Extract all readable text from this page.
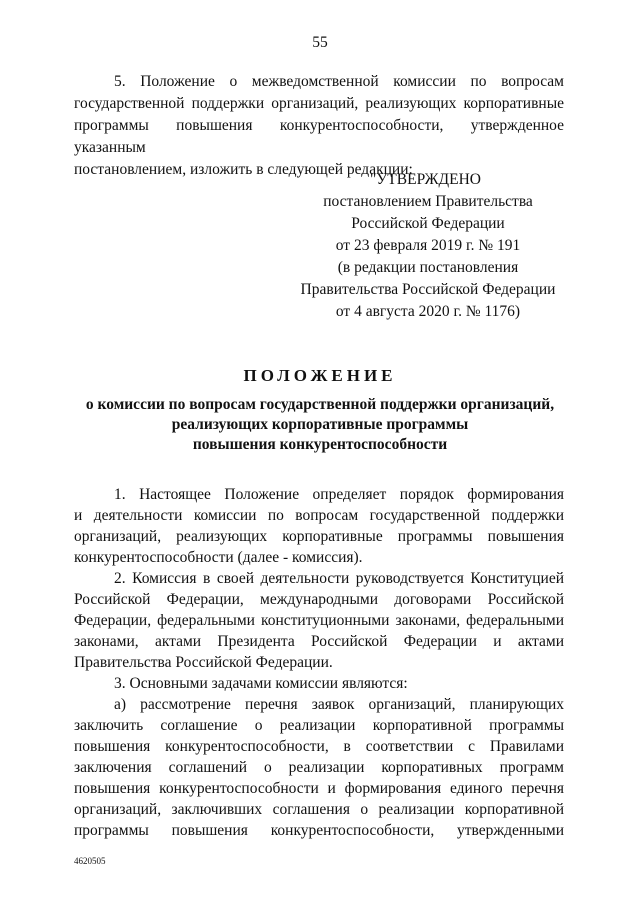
55
5. Положение о межведомственной комиссии по вопросам
государственной поддержки организаций, реализующих корпоративные
программы повышения конкурентоспособности, утвержденное указанным
постановлением, изложить в следующей редакции:
"УТВЕРЖДЕНО
постановлением Правительства
Российской Федерации
от 23 февраля 2019 г. № 191
(в редакции постановления
Правительства Российской Федерации
от 4 августа 2020 г. № 1176)
ПОЛОЖЕНИЕ
о комиссии по вопросам государственной поддержки организаций,
реализующих корпоративные программы
повышения конкурентоспособности
1. Настоящее Положение определяет порядок формирования
и деятельности комиссии по вопросам государственной поддержки
организаций, реализующих корпоративные программы повышения
конкурентоспособности (далее - комиссия).
2. Комиссия в своей деятельности руководствуется Конституцией
Российской Федерации, международными договорами Российской
Федерации, федеральными конституционными законами, федеральными
законами, актами Президента Российской Федерации и актами
Правительства Российской Федерации.
3. Основными задачами комиссии являются:
а) рассмотрение перечня заявок организаций, планирующих
заключить соглашение о реализации корпоративной программы
повышения конкурентоспособности, в соответствии с Правилами
заключения соглашений о реализации корпоративных программ
повышения конкурентоспособности и формирования единого перечня
организаций, заключивших соглашения о реализации корпоративной
программы повышения конкурентоспособности, утвержденными
4620505
